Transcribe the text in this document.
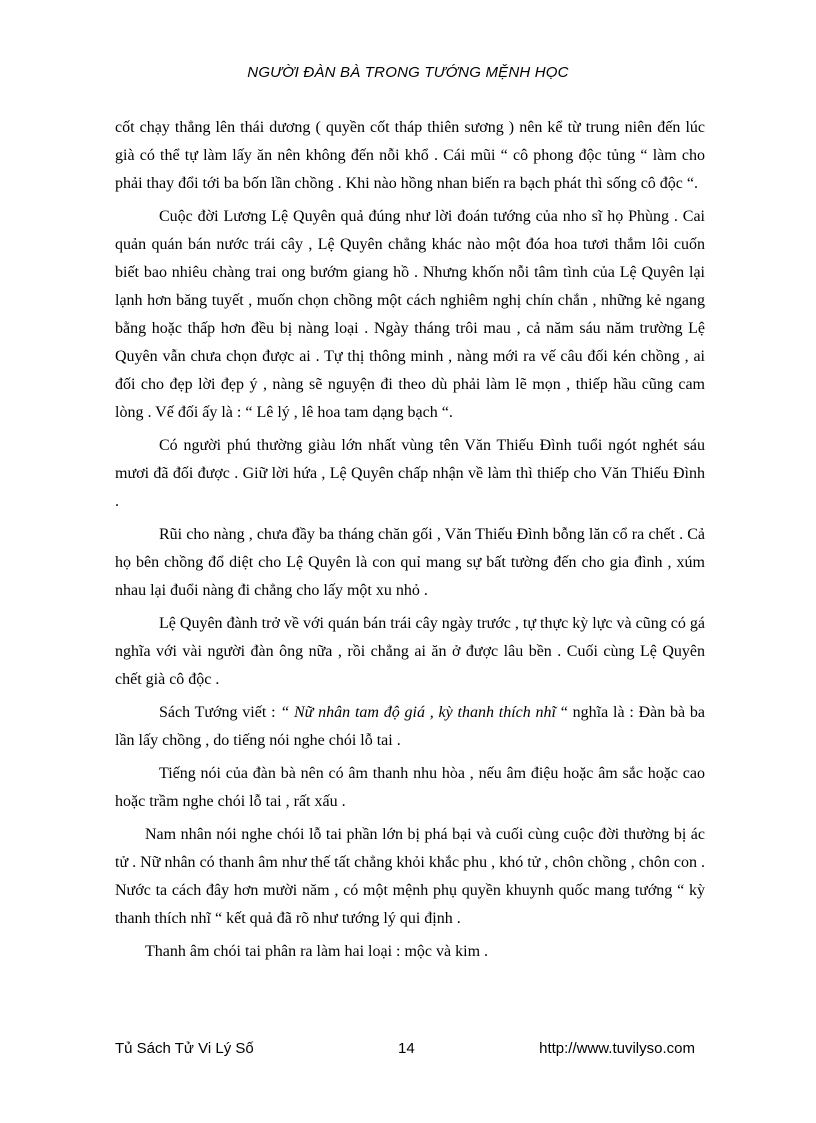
NGƯỜI ĐÀN BÀ TRONG TƯỚNG MỆNH HỌC

cốt chạy thẳng lên thái dương ( quyền cốt tháp thiên sương ) nên kể từ trung niên đến lúc già có thể tự làm lấy ăn nên không đến nỗi khổ . Cái mũi “ cô phong độc tủng “ làm cho phải thay đổi tới ba bốn lần chồng . Khi nào hồng nhan biến ra bạch phát thì sống cô độc “.

Cuộc đời Lương Lệ Quyên quả đúng như lời đoán tướng của nho sĩ họ Phùng . Cai quản quán bán nước trái cây , Lệ Quyên chẳng khác nào một đóa hoa tươi thắm lôi cuốn biết bao nhiêu chàng trai ong bướm giang hồ . Nhưng khốn nỗi tâm tình của Lệ Quyên lại lạnh hơn băng tuyết , muốn chọn chồng một cách nghiêm nghị chín chắn , những kẻ ngang bằng hoặc thấp hơn đều bị nàng loại . Ngày tháng trôi mau , cả năm sáu năm trường Lệ Quyên vẫn chưa chọn được ai . Tự thị thông minh , nàng mới ra vế câu đối kén chồng , ai đối cho đẹp lời đẹp ý , nàng sẽ nguyện đi theo dù phải làm lẽ mọn , thiếp hầu cũng cam lòng . Vế đối ấy là : “ Lê lý , lê hoa tam dạng bạch “.

Có người phú thường giàu lớn nhất vùng tên Văn Thiếu Đình tuổi ngót nghét sáu mươi đã đối được . Giữ lời hứa , Lệ Quyên chấp nhận về làm thì thiếp cho Văn Thiếu Đình .

Rũi cho nàng , chưa đầy ba tháng chăn gối , Văn Thiếu Đình bỗng lăn cổ ra chết . Cả họ bên chồng đổ diệt cho Lệ Quyên là con quỉ mang sự bất tường đến cho gia đình , xúm nhau lại đuổi nàng đi chẳng cho lấy một xu nhỏ .

Lệ Quyên đành trở về với quán bán trái cây ngày trước , tự thực kỳ lực và cũng có gá nghĩa với vài người đàn ông nữa , rồi chẳng ai ăn ở được lâu bền . Cuối cùng Lệ Quyên chết già cô độc .

Sách Tướng viết : “ Nữ nhân tam độ giá , kỳ thanh thích nhĩ “ nghĩa là : Đàn bà ba lần lấy chồng , do tiếng nói nghe chói lỗ tai .

Tiếng nói của đàn bà nên có âm thanh nhu hòa , nếu âm điệu hoặc âm sắc hoặc cao hoặc trầm nghe chói lỗ tai , rất xấu .

Nam nhân nói nghe chói lỗ tai phần lớn bị phá bại và cuối cùng cuộc đời thường bị ác tử . Nữ nhân có thanh âm như thế tất chẳng khỏi khắc phu , khó tử , chôn chồng , chôn con . Nước ta cách đây hơn mười năm , có một mệnh phụ quyền khuynh quốc mang tướng “ kỳ thanh thích nhĩ “ kết quả đã rõ như tướng lý qui định .

Thanh âm chói tai phân ra làm hai loại : mộc và kim .

Tủ Sách Tử Vi Lý Số	14	http://www.tuvilyso.com
